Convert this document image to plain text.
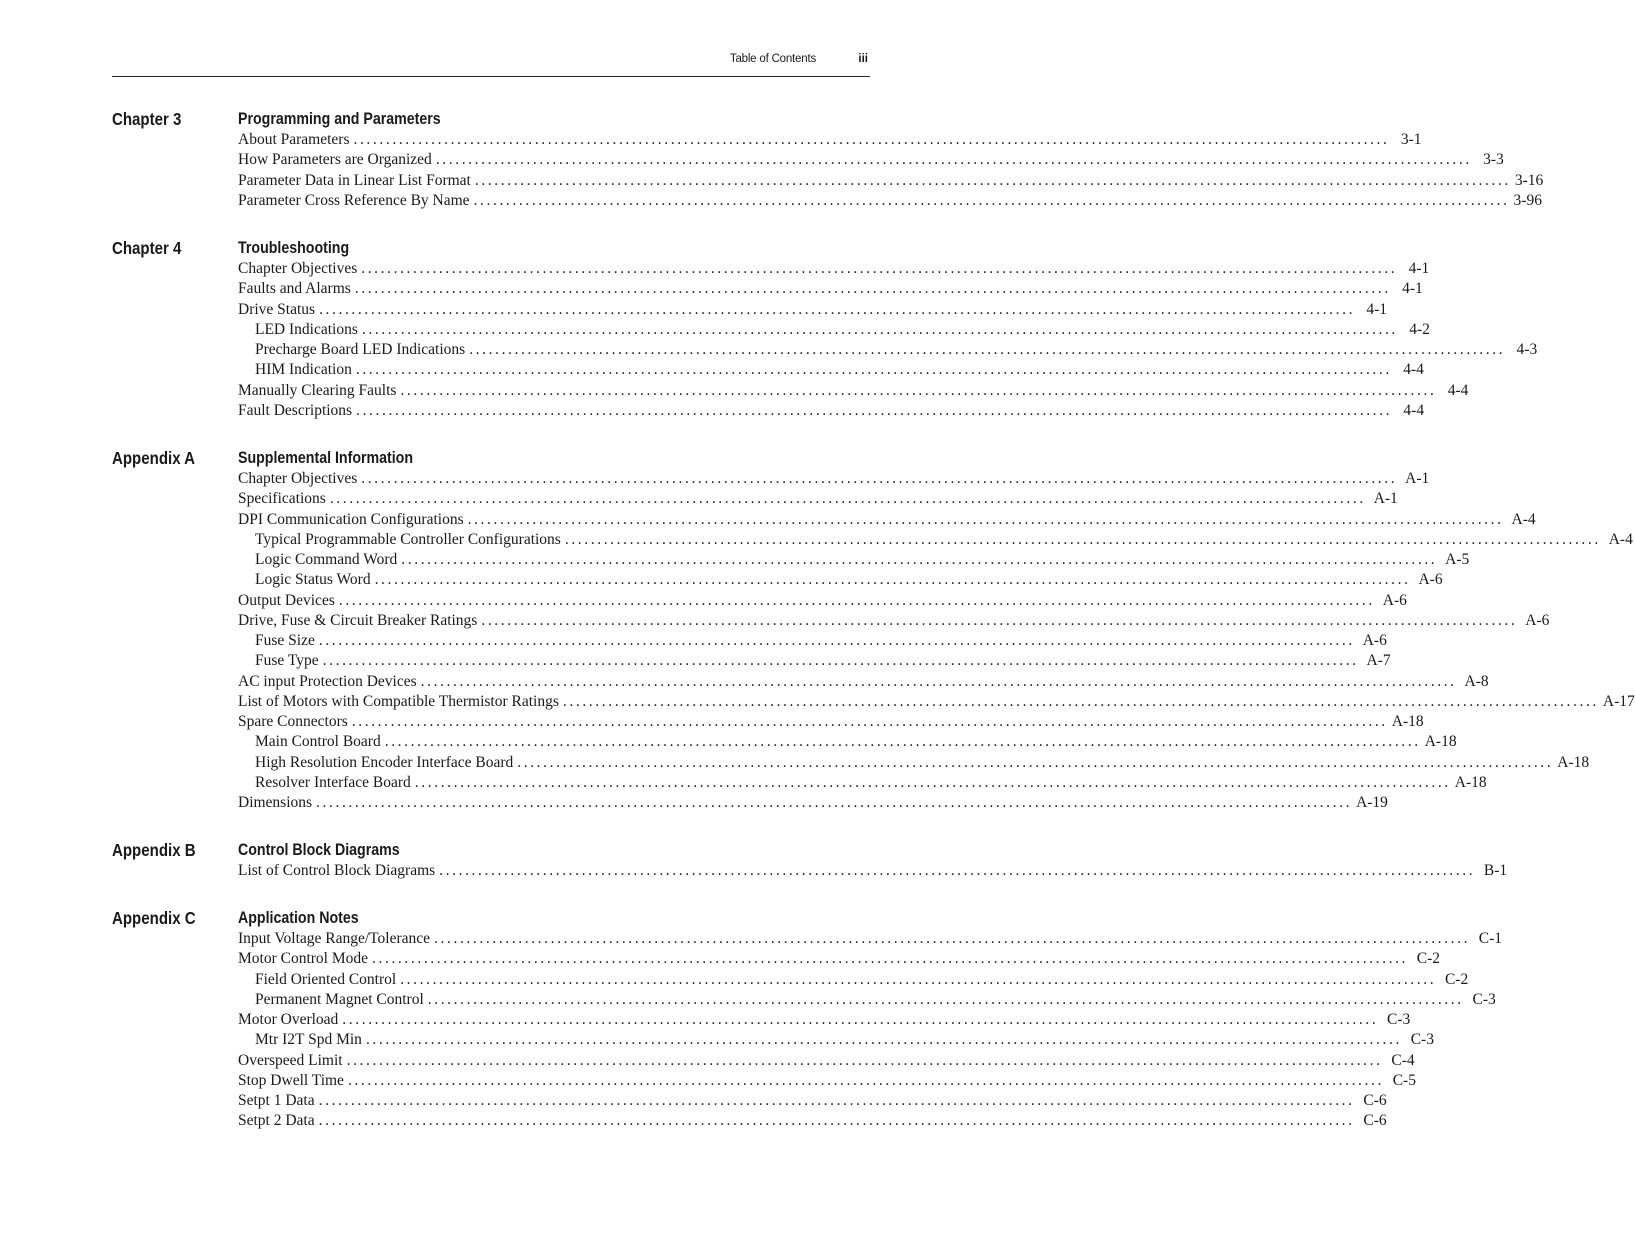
Table of Contents	iii
Chapter 3	Programming and Parameters
About Parameters ................................................................................................................................................................ 3-1
How Parameters are Organized ................................................................................................................................................................ 3-3
Parameter Data in Linear List Format ................................................................................................................................................................ 3-16
Parameter Cross Reference By Name ................................................................................................................................................................ 3-96
Chapter 4	Troubleshooting
Chapter Objectives ................................................................................................................................................................ 4-1
Faults and Alarms ................................................................................................................................................................ 4-1
Drive Status ................................................................................................................................................................ 4-1
LED Indications ................................................................................................................................................................ 4-2
Precharge Board LED Indications ................................................................................................................................................................ 4-3
HIM Indication ................................................................................................................................................................ 4-4
Manually Clearing Faults ................................................................................................................................................................ 4-4
Fault Descriptions ................................................................................................................................................................ 4-4
Appendix A	Supplemental Information
Chapter Objectives ................................................................................................................................................................ A-1
Specifications ................................................................................................................................................................ A-1
DPI Communication Configurations ................................................................................................................................................................ A-4
Typical Programmable Controller Configurations ................................................................................................................................................................ A-4
Logic Command Word ................................................................................................................................................................ A-5
Logic Status Word ................................................................................................................................................................ A-6
Output Devices ................................................................................................................................................................ A-6
Drive, Fuse & Circuit Breaker Ratings ................................................................................................................................................................ A-6
Fuse Size ................................................................................................................................................................ A-6
Fuse Type ................................................................................................................................................................ A-7
AC input Protection Devices ................................................................................................................................................................ A-8
List of Motors with Compatible Thermistor Ratings ................................................................................................................................................................ A-17
Spare Connectors ................................................................................................................................................................ A-18
Main Control Board ................................................................................................................................................................ A-18
High Resolution Encoder Interface Board ................................................................................................................................................................ A-18
Resolver Interface Board ................................................................................................................................................................ A-18
Dimensions ................................................................................................................................................................ A-19
Appendix B	Control Block Diagrams
List of Control Block Diagrams ................................................................................................................................................................ B-1
Appendix C	Application Notes
Input Voltage Range/Tolerance ................................................................................................................................................................ C-1
Motor Control Mode ................................................................................................................................................................ C-2
Field Oriented Control ................................................................................................................................................................ C-2
Permanent Magnet Control ................................................................................................................................................................ C-3
Motor Overload ................................................................................................................................................................ C-3
Mtr I2T Spd Min ................................................................................................................................................................ C-3
Overspeed Limit ................................................................................................................................................................ C-4
Stop Dwell Time ................................................................................................................................................................ C-5
Setpt 1 Data ................................................................................................................................................................ C-6
Setpt 2 Data ................................................................................................................................................................ C-6
